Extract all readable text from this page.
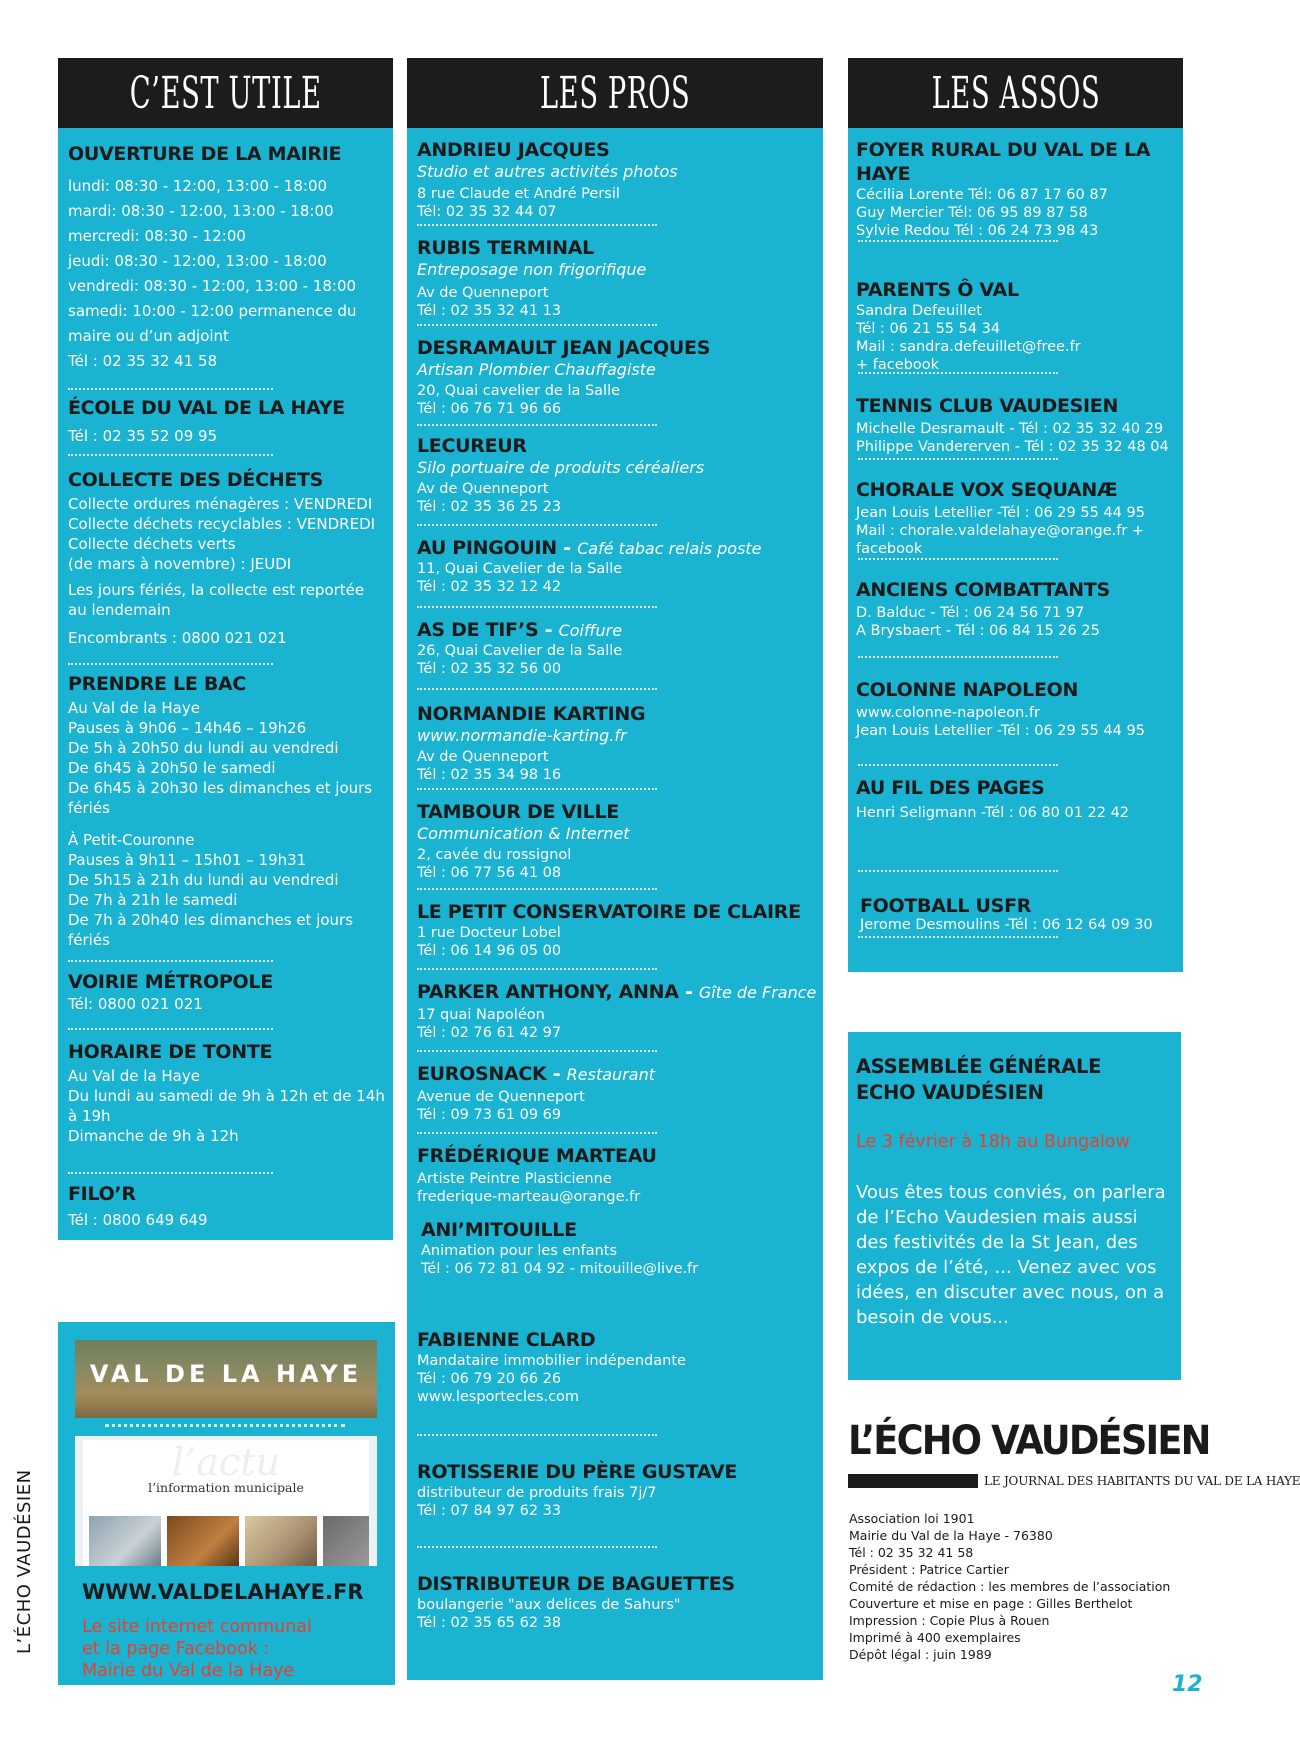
C’EST UTILE
OUVERTURE DE LA MAIRIE
lundi: 08:30 - 12:00, 13:00 - 18:00
mardi: 08:30 - 12:00, 13:00 - 18:00
mercredi: 08:30 - 12:00
jeudi: 08:30 - 12:00, 13:00 - 18:00
vendredi: 08:30 - 12:00, 13:00 - 18:00
samedi: 10:00 - 12:00 permanence du
maire ou d’un adjoint
Tél : 02 35 32 41 58
ÉCOLE DU VAL DE LA HAYE
Tél : 02 35 52 09 95
COLLECTE DES DÉCHETS
Collecte ordures ménagères : VENDREDI
Collecte déchets recyclables : VENDREDI
Collecte déchets verts
(de mars à novembre) : JEUDI
Les jours fériés, la collecte est reportée
au lendemain
Encombrants : 0800 021 021
PRENDRE LE BAC
Au Val de la Haye
Pauses à 9h06 – 14h46 – 19h26
De 5h à 20h50 du lundi au vendredi
De 6h45 à 20h50 le samedi
De 6h45 à 20h30 les dimanches et jours
fériés
À Petit-Couronne
Pauses à 9h11 – 15h01 – 19h31
De 5h15 à 21h du lundi au vendredi
De 7h à 21h le samedi
De 7h à 20h40 les dimanches et jours
fériés
VOIRIE MÉTROPOLE
Tél: 0800 021 021
HORAIRE DE TONTE
Au Val de la Haye
Du lundi au samedi de 9h à 12h et de 14h
à 19h
Dimanche de 9h à 12h
FILO’R
Tél : 0800 649 649
LES PROS
ANDRIEU JACQUES
Studio et autres activités photos
8 rue Claude et André Persil
Tél: 02 35 32 44 07
RUBIS TERMINAL
Entreposage non frigorifique
Av de Quenneport
Tél : 02 35 32 41 13
DESRAMAULT JEAN JACQUES
Artisan Plombier Chauffagiste
20, Quai cavelier de la Salle
Tél : 06 76 71 96 66
LECUREUR
Silo portuaire de produits céréaliers
Av de Quenneport
Tél : 02 35 36 25 23
AU PINGOUIN - Café tabac relais poste
11, Quai Cavelier de la Salle
Tél : 02 35 32 12 42
AS DE TIF’S - Coiffure
26, Quai Cavelier de la Salle
Tél : 02 35 32 56 00
NORMANDIE KARTING
www.normandie-karting.fr
Av de Quenneport
Tél : 02 35 34 98 16
TAMBOUR DE VILLE
Communication & Internet
2, cavée du rossignol
Tél : 06 77 56 41 08
LE PETIT CONSERVATOIRE DE CLAIRE
1 rue Docteur Lobel
Tél : 06 14 96 05 00
PARKER ANTHONY, ANNA - Gîte de France
17 quai Napoléon
Tél : 02 76 61 42 97
EUROSNACK - Restaurant
Avenue de Quenneport
Tél : 09 73 61 09 69
FRÉDÉRIQUE MARTEAU
Artiste Peintre Plasticienne
frederique-marteau@orange.fr
ANI’MITOUILLE
Animation pour les enfants
Tél : 06 72 81 04 92 - mitouille@live.fr
FABIENNE CLARD
Mandataire immobilier indépendante
Tél : 06 79 20 66 26
www.lesportecles.com
ROTISSERIE DU PÈRE GUSTAVE
distributeur de produits frais 7j/7
Tél : 07 84 97 62 33
DISTRIBUTEUR DE BAGUETTES
boulangerie "aux delices de Sahurs"
Tél : 02 35 65 62 38
LES ASSOS
FOYER RURAL DU VAL DE LA
HAYE
Cécilia Lorente Tél: 06 87 17 60 87
Guy Mercier Tél: 06 95 89 87 58
Sylvie Redou Tél : 06 24 73 98 43
PARENTS Ô VAL
Sandra Defeuillet
Tél : 06 21 55 54 34
Mail : sandra.defeuillet@free.fr
+ facebook
TENNIS CLUB VAUDESIEN
Michelle Desramault - Tél : 02 35 32 40 29
Philippe Vandererven - Tél : 02 35 32 48 04
CHORALE VOX SEQUANÆ
Jean Louis Letellier -Tél : 06 29 55 44 95
Mail : chorale.valdelahaye@orange.fr +
facebook
ANCIENS COMBATTANTS
D. Balduc - Tél : 06 24 56 71 97
A Brysbaert - Tél : 06 84 15 26 25
COLONNE NAPOLEON
www.colonne-napoleon.fr
Jean Louis Letellier -Tél : 06 29 55 44 95
AU FIL DES PAGES
Henri Seligmann -Tél : 06 80 01 22 42
FOOTBALL USFR
Jerome Desmoulins -Tél : 06 12 64 09 30
VAL DE LA HAYE
l’actu
l’information municipale
WWW.VALDELAHAYE.FR
Le site internet communal
et la page Facebook :
Mairie du Val de la Haye
ASSEMBLÉE GÉNÉRALE
ECHO VAUDÉSIEN
Le 3 février à 18h au Bungalow
Vous êtes tous conviés, on parlera de l’Echo Vaudesien mais aussi des festivités de la St Jean, des expos de l’été, ... Venez avec vos idées, en discuter avec nous, on a besoin de vous...
L’ÉCHO VAUDÉSIEN
LE JOURNAL DES HABITANTS DU VAL DE LA HAYE
Association loi 1901
Mairie du Val de la Haye - 76380
Tél : 02 35 32 41 58
Président : Patrice Cartier
Comité de rédaction : les membres de l’association
Couverture et mise en page : Gilles Berthelot
Impression : Copie Plus à Rouen
Imprimé à 400 exemplaires
Dépôt légal : juin 1989
L’ÉCHO VAUDÉSIEN
12
